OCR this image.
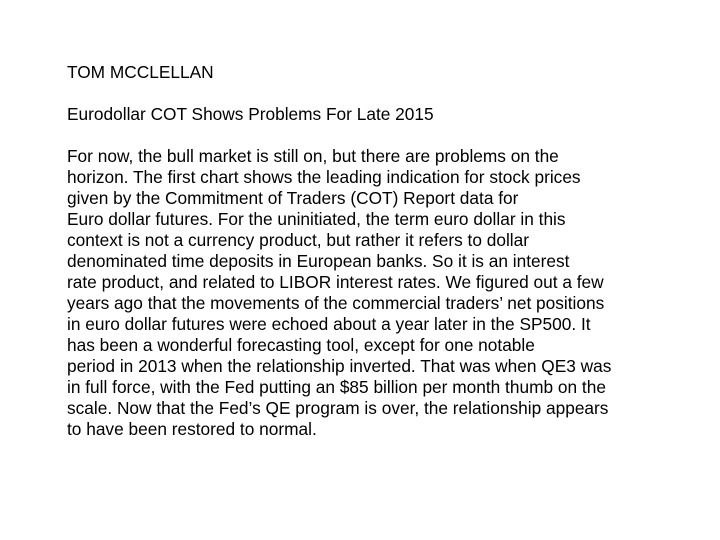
TOM MCCLELLAN
Eurodollar COT Shows Problems For Late 2015
For now, the bull market is still on, but there are problems on the
horizon. The first chart shows the leading indication for stock prices
given by the Commitment of Traders (COT) Report data for
Euro dollar futures. For the uninitiated, the term euro dollar in this
context is not a currency product, but rather it refers to dollar
denominated time deposits in European banks. So it is an interest
rate product, and related to LIBOR interest rates. We figured out a few
years ago that the movements of the commercial traders’ net positions
in euro dollar futures were echoed about a year later in the SP500. It
has been a wonderful forecasting tool, except for one notable
period in 2013 when the relationship inverted. That was when QE3 was
in full force, with the Fed putting an $85 billion per month thumb on the
scale. Now that the Fed’s QE program is over, the relationship appears
to have been restored to normal.
